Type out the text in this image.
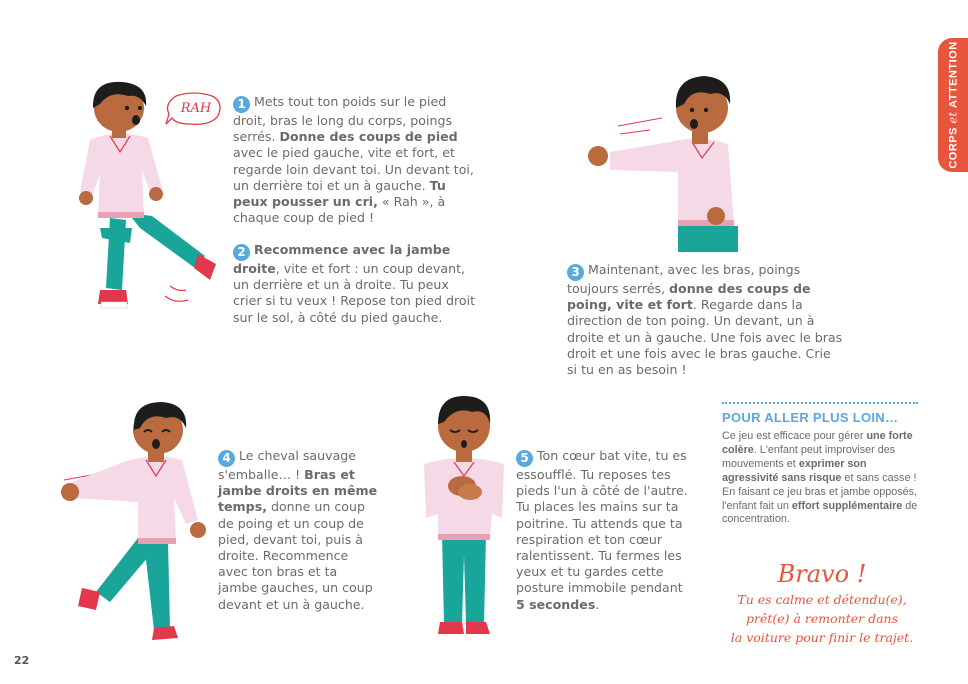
CORPS et ATTENTION
RAH	1 Mets tout ton poids sur le pied droit, bras le long du corps, poings serrés. Donne des coups de pied avec le pied gauche, vite et fort, et regarde loin devant toi. Un devant toi, un derrière toi et un à gauche. Tu peux pousser un cri, « Rah », à chaque coup de pied !
2 Recommence avec la jambe droite, vite et fort : un coup devant, un derrière et un à droite. Tu peux crier si tu veux ! Repose ton pied droit sur le sol, à côté du pied gauche.
3 Maintenant, avec les bras, poings toujours serrés, donne des coups de poing, vite et fort. Regarde dans la direction de ton poing. Un devant, un à droite et un à gauche. Une fois avec le bras droit et une fois avec le bras gauche. Crie si tu en as besoin !
4 Le cheval sauvage s'emballe… ! Bras et jambe droits en même temps, donne un coup de poing et un coup de pied, devant toi, puis à droite. Recommence avec ton bras et ta jambe gauches, un coup devant et un à gauche.
5 Ton cœur bat vite, tu es essoufflé. Tu reposes tes pieds l'un à côté de l'autre. Tu places les mains sur ta poitrine. Tu attends que ta respiration et ton cœur ralentissent. Tu fermes les yeux et tu gardes cette posture immobile pendant 5 secondes.
POUR ALLER PLUS LOIN…
Ce jeu est efficace pour gérer une forte colère. L'enfant peut improviser des mouvements et exprimer son agressivité sans risque et sans casse ! En faisant ce jeu bras et jambe opposés, l'enfant fait un effort supplémentaire de concentration.
Bravo !
Tu es calme et détendu(e),
prêt(e) à remonter dans
la voiture pour finir le trajet.
22
